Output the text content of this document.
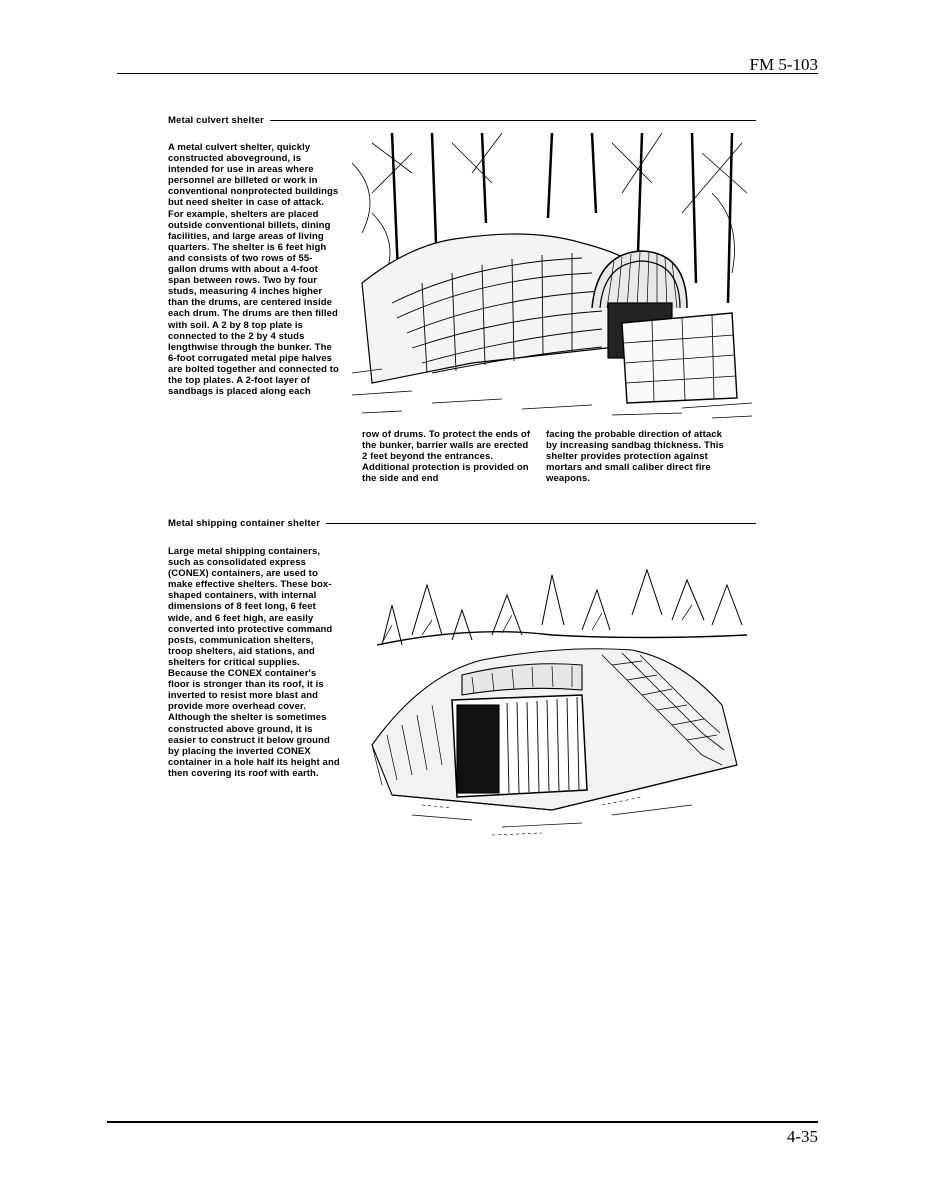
FM 5-103
Metal culvert shelter

A metal culvert shelter, quickly constructed aboveground, is intended for use in areas where personnel are billeted or work in conventional nonprotected buildings but need shelter in case of attack. For example, shelters are placed outside conventional billets, dining facilities, and large areas of living quarters. The shelter is 6 feet high and consists of two rows of 55-gallon drums with about a 4-foot span between rows. Two by four studs, measuring 4 inches higher than the drums, are centered inside each drum. The drums are then filled with soil. A 2 by 8 top plate is connected to the 2 by 4 studs lengthwise through the bunker. The 6-foot corrugated metal pipe halves are bolted together and connected to the top plates. A 2-foot layer of sandbags is placed along each

row of drums. To protect the ends of the bunker, barrier walls are erected 2 feet beyond the entrances. Additional protection is provided on the side and end

facing the probable direction of attack by increasing sandbag thickness. This shelter provides protection against mortars and small caliber direct fire weapons.

Metal shipping container shelter

Large metal shipping containers, such as consolidated express (CONEX) containers, are used to make effective shelters. These box-shaped containers, with internal dimensions of 8 feet long, 6 feet wide, and 6 feet high, are easily converted into protective command posts, communication shelters, troop shelters, aid stations, and shelters for critical supplies. Because the CONEX container's floor is stronger than its roof, it is inverted to resist more blast and provide more overhead cover. Although the shelter is sometimes constructed above ground, it is easier to construct it below ground by placing the inverted CONEX container in a hole half its height and then covering its roof with earth.

4-35
